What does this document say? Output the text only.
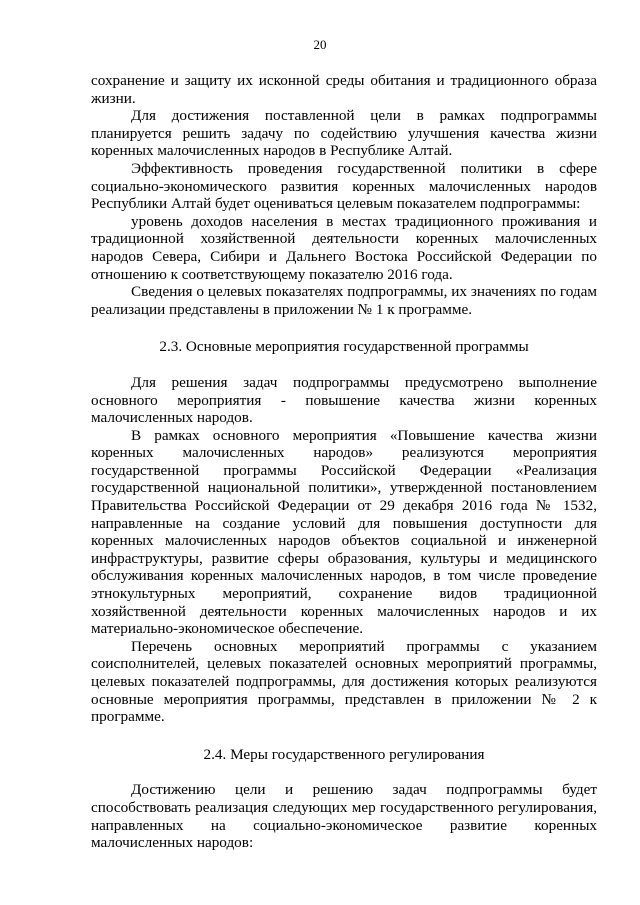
20

сохранение и защиту их исконной среды обитания и традиционного образа жизни.

Для достижения поставленной цели в рамках подпрограммы планируется решить задачу по содействию улучшения качества жизни коренных малочисленных народов в Республике Алтай.

Эффективность проведения государственной политики в сфере социально-экономического развития коренных малочисленных народов Республики Алтай будет оцениваться целевым показателем подпрограммы:

уровень доходов населения в местах традиционного проживания и традиционной хозяйственной деятельности коренных малочисленных народов Севера, Сибири и Дальнего Востока Российской Федерации по отношению к соответствующему показателю 2016 года.

Сведения о целевых показателях подпрограммы, их значениях по годам реализации представлены в приложении № 1 к программе.

2.3. Основные мероприятия государственной программы

Для решения задач подпрограммы предусмотрено выполнение основного мероприятия - повышение качества жизни коренных малочисленных народов.

В рамках основного мероприятия «Повышение качества жизни коренных малочисленных народов» реализуются мероприятия государственной программы Российской Федерации «Реализация государственной национальной политики», утвержденной постановлением Правительства Российской Федерации от 29 декабря 2016 года № 1532, направленные на создание условий для повышения доступности для коренных малочисленных народов объектов социальной и инженерной инфраструктуры, развитие сферы образования, культуры и медицинского обслуживания коренных малочисленных народов, в том числе проведение этнокультурных мероприятий, сохранение видов традиционной хозяйственной деятельности коренных малочисленных народов и их материально-экономическое обеспечение.

Перечень основных мероприятий программы с указанием соисполнителей, целевых показателей основных мероприятий программы, целевых показателей подпрограммы, для достижения которых реализуются основные мероприятия программы, представлен в приложении № 2 к программе.

2.4. Меры государственного регулирования

Достижению цели и решению задач подпрограммы будет способствовать реализация следующих мер государственного регулирования, направленных на социально-экономическое развитие коренных малочисленных народов:
